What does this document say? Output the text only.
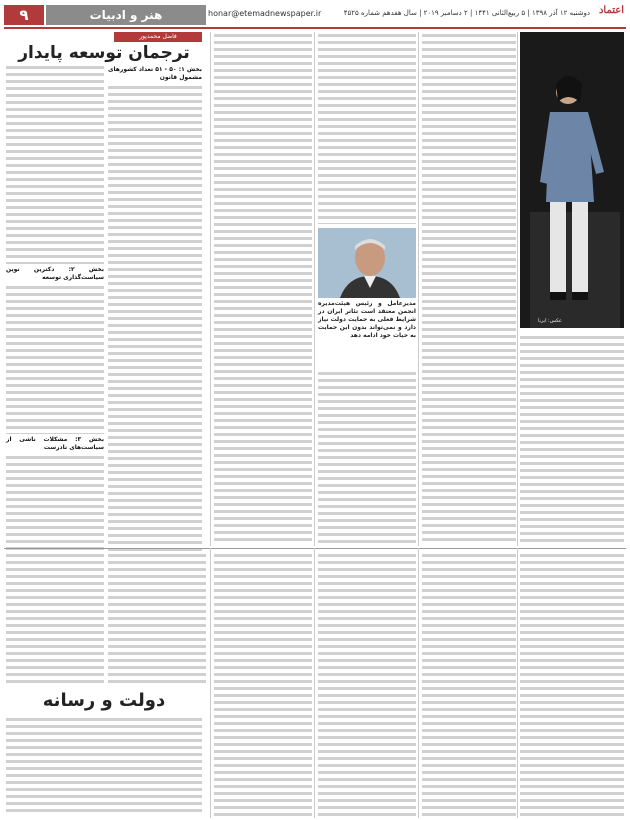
۹	هنر و ادبیات	honar@etemadnewspaper.ir	دوشنبه ۱۲ آذر ۱۳۹۸ | ۵ ربیع‌الثانی ۱۴۴۱ | ۲ دسامبر ۲۰۱۹ | سال هفدهم شماره ۴۵۲۵ اعتماد
فاضل محمدپور
ترجمان توسعه پایدار
بخش ۱: ۵۰ - ۵۱ تعداد کشورهای مشمول قانون
بخش ۲: دکترین نوین سیاست‌گذاری توسعه
بخش ۳: مشکلات ناشی از سیاست‌های نادرست
مدیرعامل و رئیس هیئت‌مدیره انجمن معتقد است تئاتر ایران در شرایط فعلی به حمایت دولت نیاز دارد و نمی‌تواند بدون این حمایت به حیات خود ادامه دهد
عکس: ایرنا
دولت و رسانه
